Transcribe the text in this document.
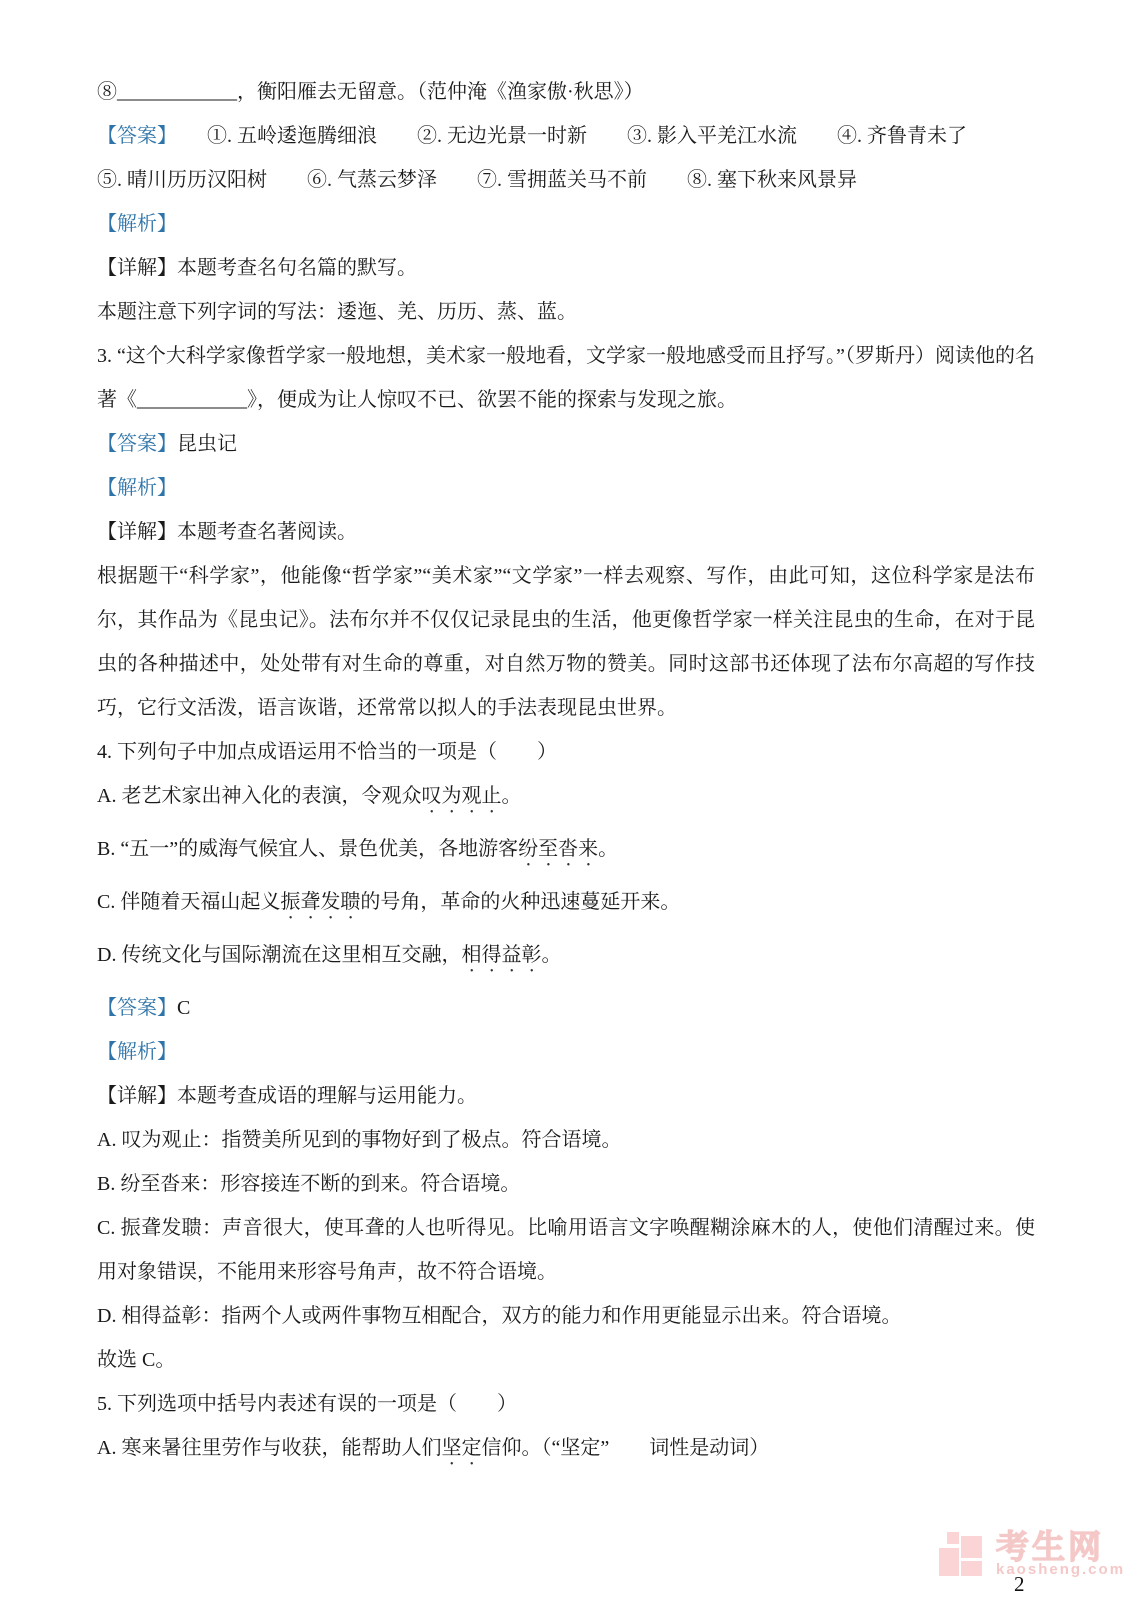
⑧____________，衡阳雁去无留意。（范仲淹《渔家傲·秋思》）

【答案】　　①. 五岭逶迤腾细浪　　②. 无边光景一时新　　③. 影入平羌江水流　　④. 齐鲁青未了

⑤. 晴川历历汉阳树　　⑥. 气蒸云梦泽　　⑦. 雪拥蓝关马不前　　⑧. 塞下秋来风景异

【解析】

【详解】本题考查名句名篇的默写。

本题注意下列字词的写法：逶迤、羌、历历、蒸、蓝。

3. “这个大科学家像哲学家一般地想，美术家一般地看，文学家一般地感受而且抒写。”（罗斯丹）阅读他的名著《___________》，便成为让人惊叹不已、欲罢不能的探索与发现之旅。

【答案】昆虫记

【解析】

【详解】本题考查名著阅读。

根据题干“科学家”，他能像“哲学家”“美术家”“文学家”一样去观察、写作，由此可知，这位科学家是法布尔，其作品为《昆虫记》。法布尔并不仅仅记录昆虫的生活，他更像哲学家一样关注昆虫的生命，在对于昆虫的各种描述中，处处带有对生命的尊重，对自然万物的赞美。同时这部书还体现了法布尔高超的写作技巧，它行文活泼，语言诙谐，还常常以拟人的手法表现昆虫世界。

4. 下列句子中加点成语运用不恰当的一项是（　　）

A. 老艺术家出神入化的表演，令观众叹为观止。

B. “五一”的威海气候宜人、景色优美，各地游客纷至沓来。

C. 伴随着天福山起义振聋发聩的号角，革命的火种迅速蔓延开来。

D. 传统文化与国际潮流在这里相互交融，相得益彰。

【答案】C

【解析】

【详解】本题考查成语的理解与运用能力。

A. 叹为观止：指赞美所见到的事物好到了极点。符合语境。

B. 纷至沓来：形容接连不断的到来。符合语境。

C. 振聋发聩：声音很大，使耳聋的人也听得见。比喻用语言文字唤醒糊涂麻木的人，使他们清醒过来。使用对象错误，不能用来形容号角声，故不符合语境。

D. 相得益彰：指两个人或两件事物互相配合，双方的能力和作用更能显示出来。符合语境。

故选 C。

5. 下列选项中括号内表述有误的一项是（　　）

A. 寒来暑往里劳作与收获，能帮助人们坚定信仰。（“坚定”　　词性是动词）

考生网
kaosheng.com
2
